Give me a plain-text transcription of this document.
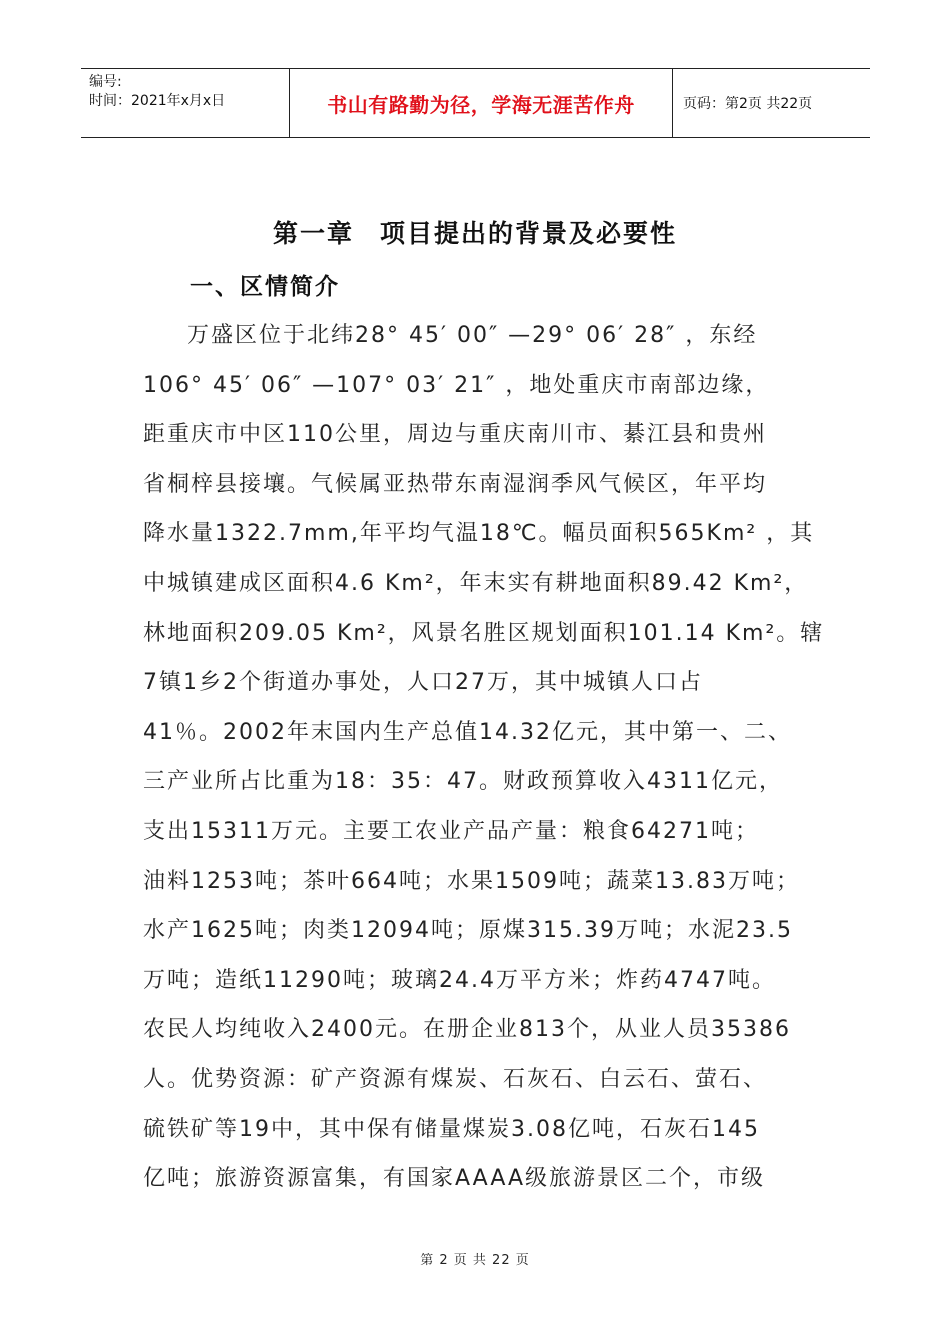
编号:
时间：2021年x月x日	书山有路勤为径，学海无涯苦作舟	页码：第2页 共22页
第一章 项目提出的背景及必要性
一、区情简介
万盛区位于北纬28° 45′ 00″ —29° 06′ 28″ ，东经
106° 45′ 06″ —107° 03′ 21″ ，地处重庆市南部边缘，
距重庆市中区110公里，周边与重庆南川市、綦江县和贵州
省桐梓县接壤。气候属亚热带东南湿润季风气候区，年平均
降水量1322.7mm,年平均气温18℃。幅员面积565Km² ，其
中城镇建成区面积4.6 Km²，年末实有耕地面积89.42 Km²，
林地面积209.05 Km²，风景名胜区规划面积101.14 Km²。辖
7镇1乡2个街道办事处，人口27万，其中城镇人口占
41％。2002年末国内生产总值14.32亿元，其中第一、二、
三产业所占比重为18：35：47。财政预算收入4311亿元，
支出15311万元。主要工农业产品产量：粮食64271吨；
油料1253吨；茶叶664吨；水果1509吨；蔬菜13.83万吨；
水产1625吨；肉类12094吨；原煤315.39万吨；水泥23.5
万吨；造纸11290吨；玻璃24.4万平方米；炸药4747吨。
农民人均纯收入2400元。在册企业813个，从业人员35386
人。优势资源：矿产资源有煤炭、石灰石、白云石、萤石、
硫铁矿等19中，其中保有储量煤炭3.08亿吨，石灰石145
亿吨；旅游资源富集，有国家AAAA级旅游景区二个，市级
第 2 页 共 22 页
